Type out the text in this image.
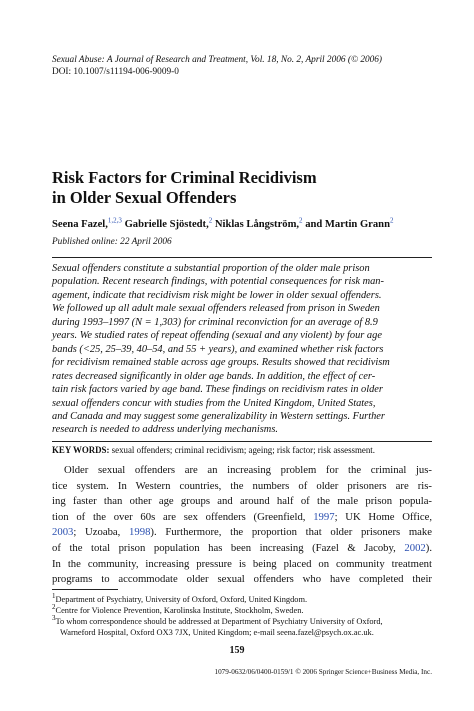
Sexual Abuse: A Journal of Research and Treatment, Vol. 18, No. 2, April 2006 (© 2006)
DOI: 10.1007/s11194-006-9009-0
Risk Factors for Criminal Recidivism
in Older Sexual Offenders
Seena Fazel,$^{1,2,3}$ Gabrielle Sjöstedt,$^2$ Niklas Långström,$^2$ and Martin Grann$^2$
Published online: 22 April 2006
Sexual offenders constitute a substantial proportion of the older male prison
population. Recent research findings, with potential consequences for risk man-
agement, indicate that recidivism risk might be lower in older sexual offenders.
We followed up all adult male sexual offenders released from prison in Sweden
during 1993–1997 (N = 1,303) for criminal reconviction for an average of 8.9
years. We studied rates of repeat offending (sexual and any violent) by four age
bands (<25, 25–39, 40–54, and 55 + years), and examined whether risk factors
for recidivism remained stable across age groups. Results showed that recidivism
rates decreased significantly in older age bands. In addition, the effect of cer-
tain risk factors varied by age band. These findings on recidivism rates in older
sexual offenders concur with studies from the United Kingdom, United States,
and Canada and may suggest some generalizability in Western settings. Further
research is needed to address underlying mechanisms.
KEY WORDS: sexual offenders; criminal recidivism; ageing; risk factor; risk assessment.
Older sexual offenders are an increasing problem for the criminal jus-
tice system. In Western countries, the numbers of older prisoners are ris-
ing faster than other age groups and around half of the male prison popula-
tion of the over 60s are sex offenders (Greenfield, 1997; UK Home Office,
2003; Uzoaba, 1998). Furthermore, the proportion that older prisoners make
of the total prison population has been increasing (Fazel & Jacoby, 2002).
In the community, increasing pressure is being placed on community treatment
programs to accommodate older sexual offenders who have completed their
$^1$Department of Psychiatry, University of Oxford, Oxford, United Kingdom.
$^2$Centre for Violence Prevention, Karolinska Institute, Stockholm, Sweden.
$^3$To whom correspondence should be addressed at Department of Psychiatry University of Oxford,
Warneford Hospital, Oxford OX3 7JX, United Kingdom; e-mail seena.fazel@psych.ox.ac.uk.
159
1079-0632/06/0400-0159/1 © 2006 Springer Science+Business Media, Inc.
